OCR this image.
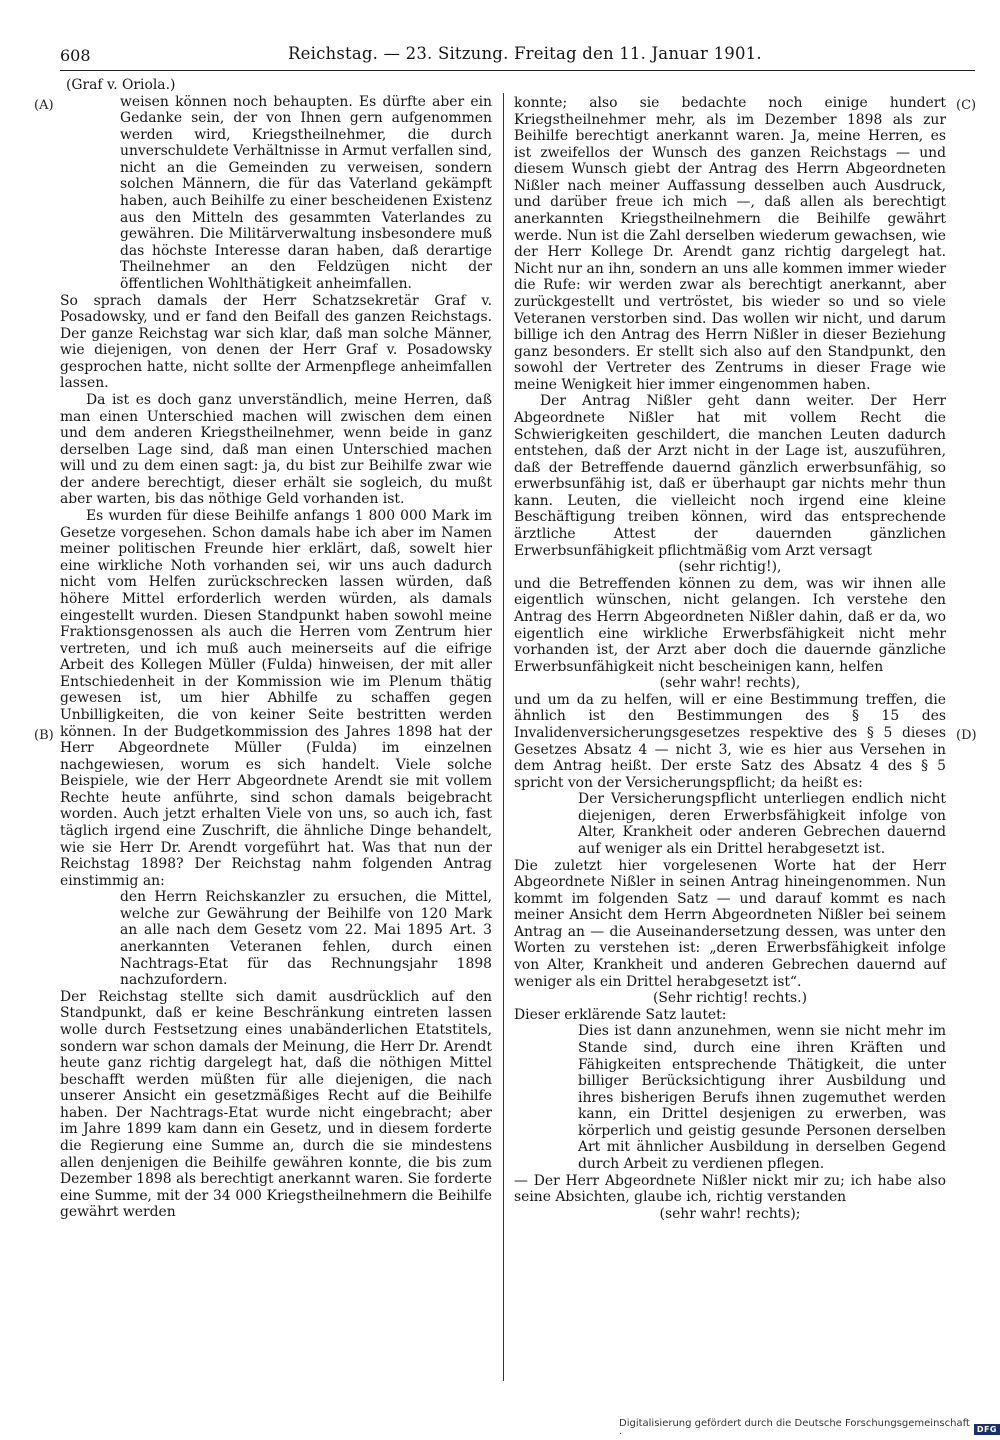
608	Reichstag. — 23. Sitzung. Freitag den 11. Januar 1901.
(A)
(B)
(C)
(D)

(Graf v. Oriola.)

weisen können noch behaupten. Es dürfte aber ein Gedanke sein, der von Ihnen gern aufgenommen werden wird, Kriegstheilnehmer, die durch unverschuldete Verhältnisse in Armut verfallen sind, nicht an die Gemeinden zu verweisen, sondern solchen Männern, die für das Vaterland gekämpft haben, auch Beihilfe zu einer bescheidenen Existenz aus den Mitteln des gesammten Vaterlandes zu gewähren. Die Militärverwaltung insbesondere muß das höchste Interesse daran haben, daß derartige Theilnehmer an den Feldzügen nicht der öffentlichen Wohlthätigkeit anheimfallen.

So sprach damals der Herr Schatzsekretär Graf v. Posadowsky, und er fand den Beifall des ganzen Reichstags. Der ganze Reichstag war sich klar, daß man solche Männer, wie diejenigen, von denen der Herr Graf v. Posadowsky gesprochen hatte, nicht sollte der Armenpflege anheimfallen lassen.

Da ist es doch ganz unverständlich, meine Herren, daß man einen Unterschied machen will zwischen dem einen und dem anderen Kriegstheilnehmer, wenn beide in ganz derselben Lage sind, daß man einen Unterschied machen will und zu dem einen sagt: ja, du bist zur Beihilfe zwar wie der andere berechtigt, dieser erhält sie sogleich, du mußt aber warten, bis das nöthige Geld vorhanden ist.

Es wurden für diese Beihilfe anfangs 1 800 000 Mark im Gesetze vorgesehen. Schon damals habe ich aber im Namen meiner politischen Freunde hier erklärt, daß, sowelt hier eine wirkliche Noth vorhanden sei, wir uns auch dadurch nicht vom Helfen zurückschrecken lassen würden, daß höhere Mittel erforderlich werden würden, als damals eingestellt wurden. Diesen Standpunkt haben sowohl meine Fraktionsgenossen als auch die Herren vom Zentrum hier vertreten, und ich muß auch meinerseits auf die eifrige Arbeit des Kollegen Müller (Fulda) hinweisen, der mit aller Entschiedenheit in der Kommission wie im Plenum thätig gewesen ist, um hier Abhilfe zu schaffen gegen Unbilligkeiten, die von keiner Seite bestritten werden können. In der Budgetkommission des Jahres 1898 hat der Herr Abgeordnete Müller (Fulda) im einzelnen nachgewiesen, worum es sich handelt. Viele solche Beispiele, wie der Herr Abgeordnete Arendt sie mit vollem Rechte heute anführte, sind schon damals beigebracht worden. Auch jetzt erhalten Viele von uns, so auch ich, fast täglich irgend eine Zuschrift, die ähnliche Dinge behandelt, wie sie Herr Dr. Arendt vorgeführt hat. Was that nun der Reichstag 1898? Der Reichstag nahm folgenden Antrag einstimmig an:

den Herrn Reichskanzler zu ersuchen, die Mittel, welche zur Gewährung der Beihilfe von 120 Mark an alle nach dem Gesetz vom 22. Mai 1895 Art. 3 anerkannten Veteranen fehlen, durch einen Nachtrags-Etat für das Rechnungsjahr 1898 nachzufordern.

Der Reichstag stellte sich damit ausdrücklich auf den Standpunkt, daß er keine Beschränkung eintreten lassen wolle durch Festsetzung eines unabänderlichen Etatstitels, sondern war schon damals der Meinung, die Herr Dr. Arendt heute ganz richtig dargelegt hat, daß die nöthigen Mittel beschafft werden müßten für alle diejenigen, die nach unserer Ansicht ein gesetzmäßiges Recht auf die Beihilfe haben. Der Nachtrags-Etat wurde nicht eingebracht; aber im Jahre 1899 kam dann ein Gesetz, und in diesem forderte die Regierung eine Summe an, durch die sie mindestens allen denjenigen die Beihilfe gewähren konnte, die bis zum Dezember 1898 als berechtigt anerkannt waren. Sie forderte eine Summe, mit der 34 000 Kriegstheilnehmern die Beihilfe gewährt werden

konnte; also sie bedachte noch einige hundert Kriegstheilnehmer mehr, als im Dezember 1898 als zur Beihilfe berechtigt anerkannt waren. Ja, meine Herren, es ist zweifellos der Wunsch des ganzen Reichstags — und diesem Wunsch giebt der Antrag des Herrn Abgeordneten Nißler nach meiner Auffassung desselben auch Ausdruck, und darüber freue ich mich —, daß allen als berechtigt anerkannten Kriegstheilnehmern die Beihilfe gewährt werde. Nun ist die Zahl derselben wiederum gewachsen, wie der Herr Kollege Dr. Arendt ganz richtig dargelegt hat. Nicht nur an ihn, sondern an uns alle kommen immer wieder die Rufe: wir werden zwar als berechtigt anerkannt, aber zurückgestellt und vertröstet, bis wieder so und so viele Veteranen verstorben sind. Das wollen wir nicht, und darum billige ich den Antrag des Herrn Nißler in dieser Beziehung ganz besonders. Er stellt sich also auf den Standpunkt, den sowohl der Vertreter des Zentrums in dieser Frage wie meine Wenigkeit hier immer eingenommen haben.

Der Antrag Nißler geht dann weiter. Der Herr Abgeordnete Nißler hat mit vollem Recht die Schwierigkeiten geschildert, die manchen Leuten dadurch entstehen, daß der Arzt nicht in der Lage ist, auszuführen, daß der Betreffende dauernd gänzlich erwerbsunfähig, so erwerbsunfähig ist, daß er überhaupt gar nichts mehr thun kann. Leuten, die vielleicht noch irgend eine kleine Beschäftigung treiben können, wird das entsprechende ärztliche Attest der dauernden gänzlichen Erwerbsunfähigkeit pflichtmäßig vom Arzt versagt

(sehr richtig!),

und die Betreffenden können zu dem, was wir ihnen alle eigentlich wünschen, nicht gelangen. Ich verstehe den Antrag des Herrn Abgeordneten Nißler dahin, daß er da, wo eigentlich eine wirkliche Erwerbsfähigkeit nicht mehr vorhanden ist, der Arzt aber doch die dauernde gänzliche Erwerbsunfähigkeit nicht bescheinigen kann, helfen

(sehr wahr! rechts),

und um da zu helfen, will er eine Bestimmung treffen, die ähnlich ist den Bestimmungen des § 15 des Invalidenversicherungsgesetzes respektive des § 5 dieses Gesetzes Absatz 4 — nicht 3, wie es hier aus Versehen in dem Antrag heißt. Der erste Satz des Absatz 4 des § 5 spricht von der Versicherungspflicht; da heißt es:

Der Versicherungspflicht unterliegen endlich nicht diejenigen, deren Erwerbsfähigkeit infolge von Alter, Krankheit oder anderen Gebrechen dauernd auf weniger als ein Drittel herabgesetzt ist.

Die zuletzt hier vorgelesenen Worte hat der Herr Abgeordnete Nißler in seinen Antrag hineingenommen. Nun kommt im folgenden Satz — und darauf kommt es nach meiner Ansicht dem Herrn Abgeordneten Nißler bei seinem Antrag an — die Auseinandersetzung dessen, was unter den Worten zu verstehen ist: „deren Erwerbsfähigkeit infolge von Alter, Krankheit und anderen Gebrechen dauernd auf weniger als ein Drittel herabgesetzt ist“.

(Sehr richtig! rechts.)

Dieser erklärende Satz lautet:

Dies ist dann anzunehmen, wenn sie nicht mehr im Stande sind, durch eine ihren Kräften und Fähigkeiten entsprechende Thätigkeit, die unter billiger Berücksichtigung ihrer Ausbildung und ihres bisherigen Berufs ihnen zugemuthet werden kann, ein Drittel desjenigen zu erwerben, was körperlich und geistig gesunde Personen derselben Art mit ähnlicher Ausbildung in derselben Gegend durch Arbeit zu verdienen pflegen.

— Der Herr Abgeordnete Nißler nickt mir zu; ich habe also seine Absichten, glaube ich, richtig verstanden

(sehr wahr! rechts);

Digitalisierung gefördert durch die Deutsche Forschungsgemeinschaft ·	DFG
